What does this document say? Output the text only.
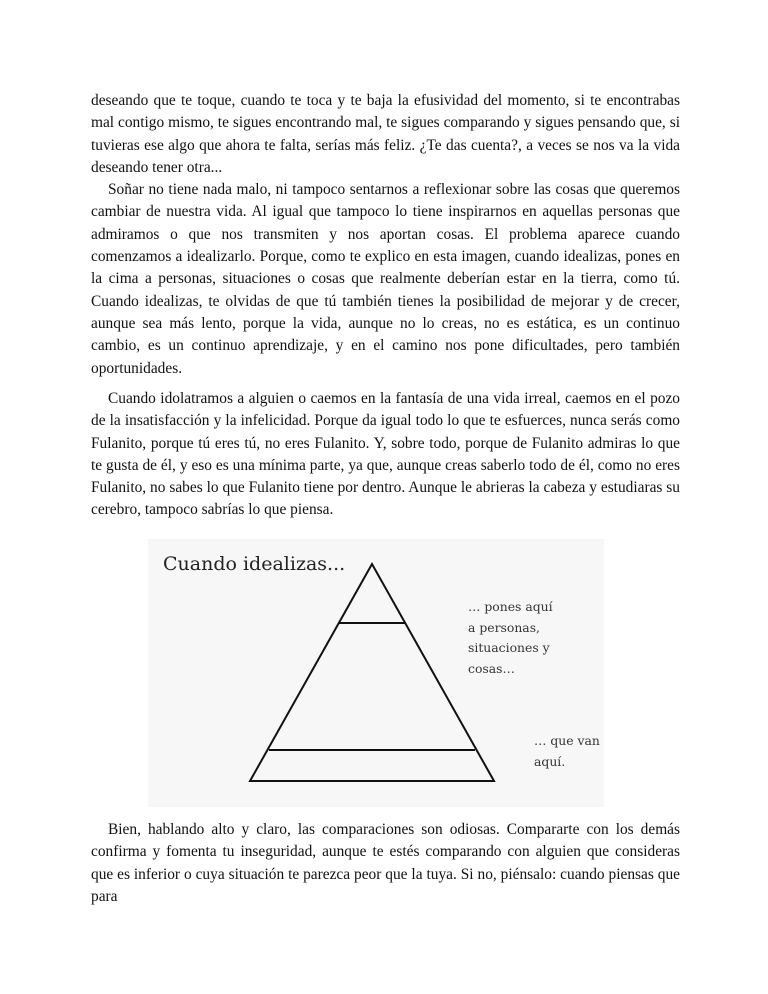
deseando que te toque, cuando te toca y te baja la efusividad del momento, si te encontrabas mal contigo mismo, te sigues encontrando mal, te sigues comparando y sigues pensando que, si tuvieras ese algo que ahora te falta, serías más feliz. ¿Te das cuenta?, a veces se nos va la vida deseando tener otra...

Soñar no tiene nada malo, ni tampoco sentarnos a reflexionar sobre las cosas que queremos cambiar de nuestra vida. Al igual que tampoco lo tiene inspirarnos en aquellas personas que admiramos o que nos transmiten y nos aportan cosas. El problema aparece cuando comenzamos a idealizarlo. Porque, como te explico en esta imagen, cuando idealizas, pones en la cima a personas, situaciones o cosas que realmente deberían estar en la tierra, como tú. Cuando idealizas, te olvidas de que tú también tienes la posibilidad de mejorar y de crecer, aunque sea más lento, porque la vida, aunque no lo creas, no es estática, es un continuo cambio, es un continuo aprendizaje, y en el camino nos pone dificultades, pero también oportunidades.

Cuando idolatramos a alguien o caemos en la fantasía de una vida irreal, caemos en el pozo de la insatisfacción y la infelicidad. Porque da igual todo lo que te esfuerces, nunca serás como Fulanito, porque tú eres tú, no eres Fulanito. Y, sobre todo, porque de Fulanito admiras lo que te gusta de él, y eso es una mínima parte, ya que, aunque creas saberlo todo de él, como no eres Fulanito, no sabes lo que Fulanito tiene por dentro. Aunque le abrieras la cabeza y estudiaras su cerebro, tampoco sabrías lo que piensa.

Cuando idealizas...
… pones aquí
a personas,
situaciones y
cosas…
… que van
aquí.

Bien, hablando alto y claro, las comparaciones son odiosas. Compararte con los demás confirma y fomenta tu inseguridad, aunque te estés comparando con alguien que consideras que es inferior o cuya situación te parezca peor que la tuya. Si no, piénsalo: cuando piensas que para
